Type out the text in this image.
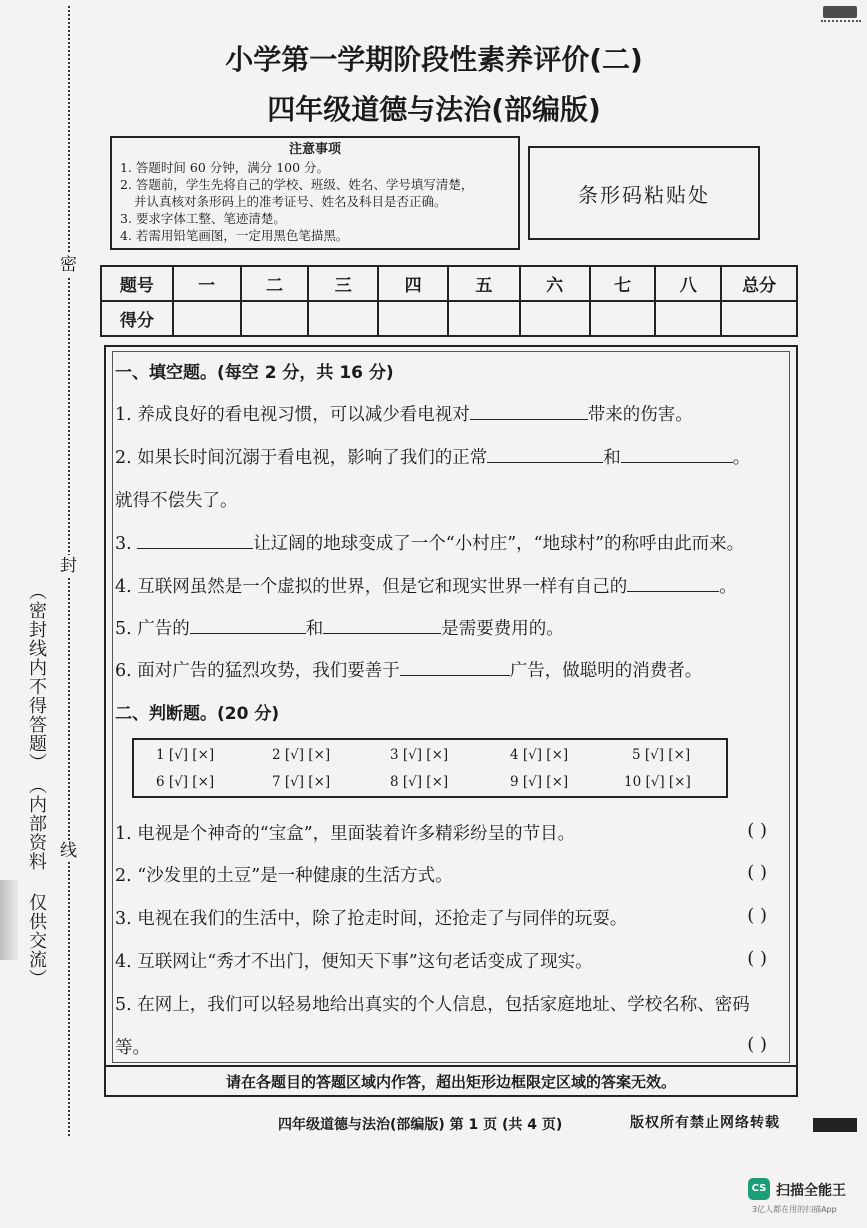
密
封
线
（密封线内不得答题）
（内部资料 仅供交流）
小学第一学期阶段性素养评价(二)
四年级道德与法治(部编版)
注意事项
1. 答题时间 60 分钟，满分 100 分。
2. 答题前，学生先将自己的学校、班级、姓名、学号填写清楚，
并认真核对条形码上的准考证号、姓名及科目是否正确。
3. 要求字体工整、笔迹清楚。
4. 若需用铅笔画图，一定用黑色笔描黑。
条形码粘贴处
题号	一	二	三	四	五	六	七	八	总分
得分									
一、填空题。(每空 2 分，共 16 分)
1. 养成良好的看电视习惯，可以减少看电视对	带来的伤害。
2. 如果长时间沉溺于看电视，影响了我们的正常	和	。
就得不偿失了。
3.	让辽阔的地球变成了一个“小村庄”，“地球村”的称呼由此而来。
4. 互联网虽然是一个虚拟的世界，但是它和现实世界一样有自己的	。
5. 广告的	和	是需要费用的。
6. 面对广告的猛烈攻势，我们要善于	广告，做聪明的消费者。
二、判断题。(20 分)
1 [√] [×]	2 [√] [×]	3 [√] [×]	4 [√] [×]	5 [√] [×]
6 [√] [×]	7 [√] [×]	8 [√] [×]	9 [√] [×]	10 [√] [×]
1. 电视是个神奇的“宝盒”，里面装着许多精彩纷呈的节目。	( )
2. “沙发里的土豆”是一种健康的生活方式。	( )
3. 电视在我们的生活中，除了抢走时间，还抢走了与同伴的玩耍。	( )
4. 互联网让“秀才不出门，便知天下事”这句老话变成了现实。	( )
5. 在网上，我们可以轻易地给出真实的个人信息，包括家庭地址、学校名称、密码
等。	( )
请在各题目的答题区域内作答，超出矩形边框限定区域的答案无效。
四年级道德与法治(部编版) 第 1 页 (共 4 页)	版权所有禁止网络转载
CS 扫描全能王
3亿人都在用的扫描App
